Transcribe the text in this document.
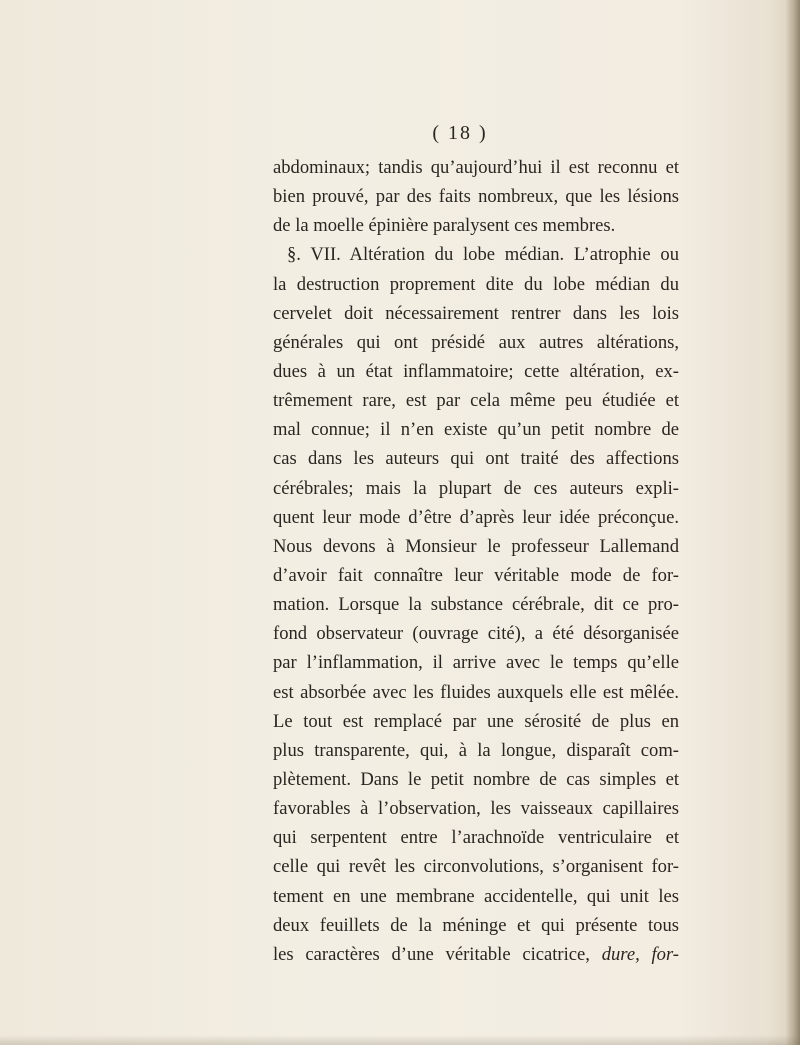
( 18 )
abdominaux; tandis qu’aujourd’hui il est reconnu et
bien prouvé, par des faits nombreux, que les lésions
de la moelle épinière paralysent ces membres.
§. VII. Altération du lobe médian. L’atrophie ou
la destruction proprement dite du lobe médian du
cervelet doit nécessairement rentrer dans les lois
générales qui ont présidé aux autres altérations,
dues à un état inflammatoire; cette altération, ex-
trêmement rare, est par cela même peu étudiée et
mal connue; il n’en existe qu’un petit nombre de
cas dans les auteurs qui ont traité des affections
cérébrales; mais la plupart de ces auteurs expli-
quent leur mode d’être d’après leur idée préconçue.
Nous devons à Monsieur le professeur Lallemand
d’avoir fait connaître leur véritable mode de for-
mation. Lorsque la substance cérébrale, dit ce pro-
fond observateur (ouvrage cité), a été désorganisée
par l’inflammation, il arrive avec le temps qu’elle
est absorbée avec les fluides auxquels elle est mêlée.
Le tout est remplacé par une sérosité de plus en
plus transparente, qui, à la longue, disparaît com-
plètement. Dans le petit nombre de cas simples et
favorables à l’observation, les vaisseaux capillaires
qui serpentent entre l’arachnoïde ventriculaire et
celle qui revêt les circonvolutions, s’organisent for-
tement en une membrane accidentelle, qui unit les
deux feuillets de la méninge et qui présente tous
les caractères d’une véritable cicatrice, dure, for-
